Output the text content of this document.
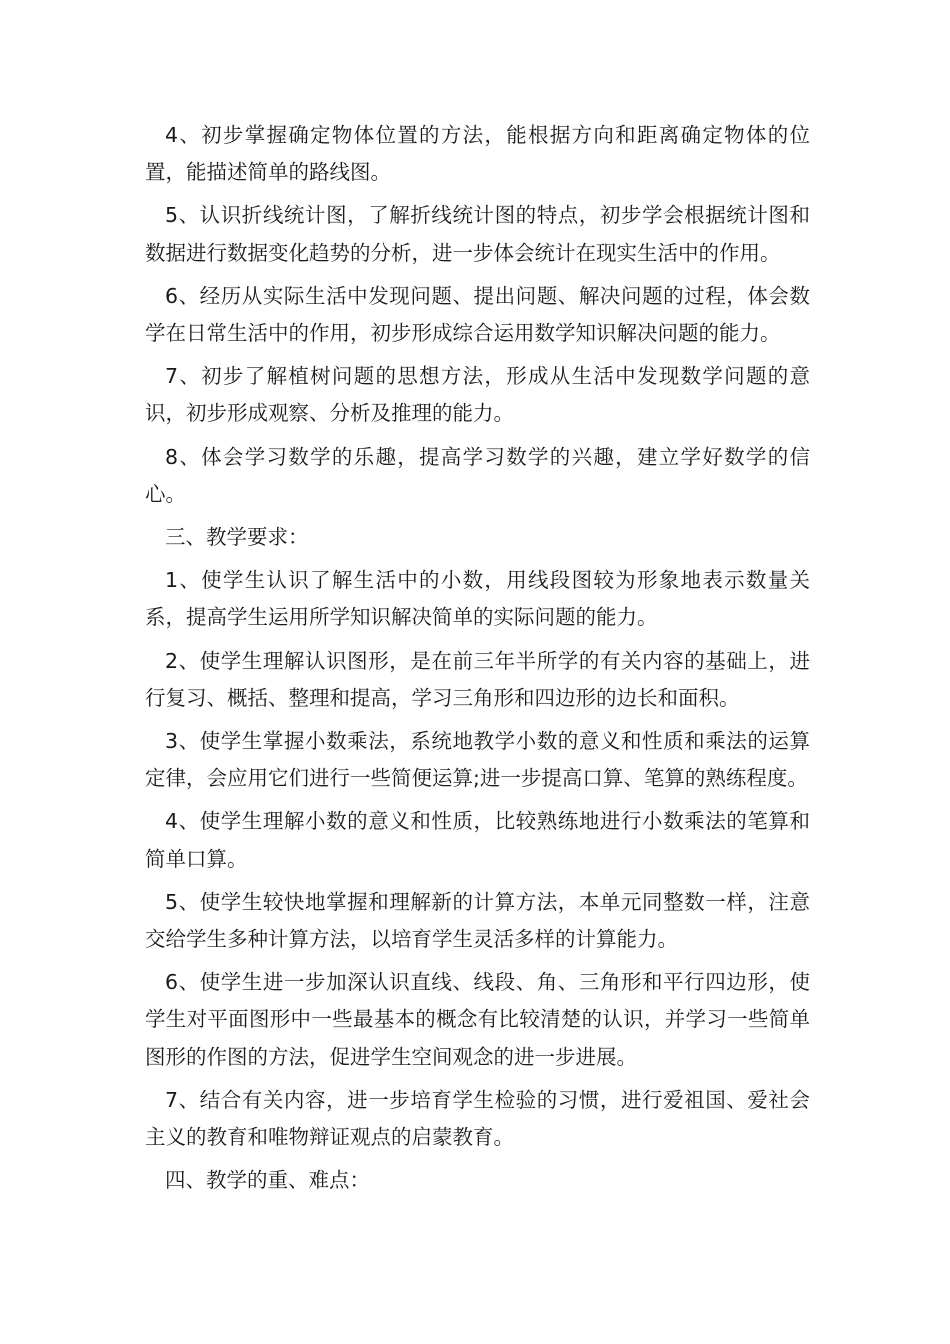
4、初步掌握确定物体位置的方法，能根据方向和距离确定物体的位置，能描述简单的路线图。

5、认识折线统计图，了解折线统计图的特点，初步学会根据统计图和数据进行数据变化趋势的分析，进一步体会统计在现实生活中的作用。

6、经历从实际生活中发现问题、提出问题、解决问题的过程，体会数学在日常生活中的作用，初步形成综合运用数学知识解决问题的能力。

7、初步了解植树问题的思想方法，形成从生活中发现数学问题的意识，初步形成观察、分析及推理的能力。

8、体会学习数学的乐趣，提高学习数学的兴趣，建立学好数学的信心。

三、教学要求：

1、使学生认识了解生活中的小数，用线段图较为形象地表示数量关系，提高学生运用所学知识解决简单的实际问题的能力。

2、使学生理解认识图形，是在前三年半所学的有关内容的基础上，进行复习、概括、整理和提高，学习三角形和四边形的边长和面积。

3、使学生掌握小数乘法，系统地教学小数的意义和性质和乘法的运算定律，会应用它们进行一些简便运算;进一步提高口算、笔算的熟练程度。

4、使学生理解小数的意义和性质，比较熟练地进行小数乘法的笔算和简单口算。

5、使学生较快地掌握和理解新的计算方法，本单元同整数一样，注意交给学生多种计算方法，以培育学生灵活多样的计算能力。

6、使学生进一步加深认识直线、线段、角、三角形和平行四边形，使学生对平面图形中一些最基本的概念有比较清楚的认识，并学习一些简单图形的作图的方法，促进学生空间观念的进一步进展。

7、结合有关内容，进一步培育学生检验的习惯，进行爱祖国、爱社会主义的教育和唯物辩证观点的启蒙教育。

四、教学的重、难点：
